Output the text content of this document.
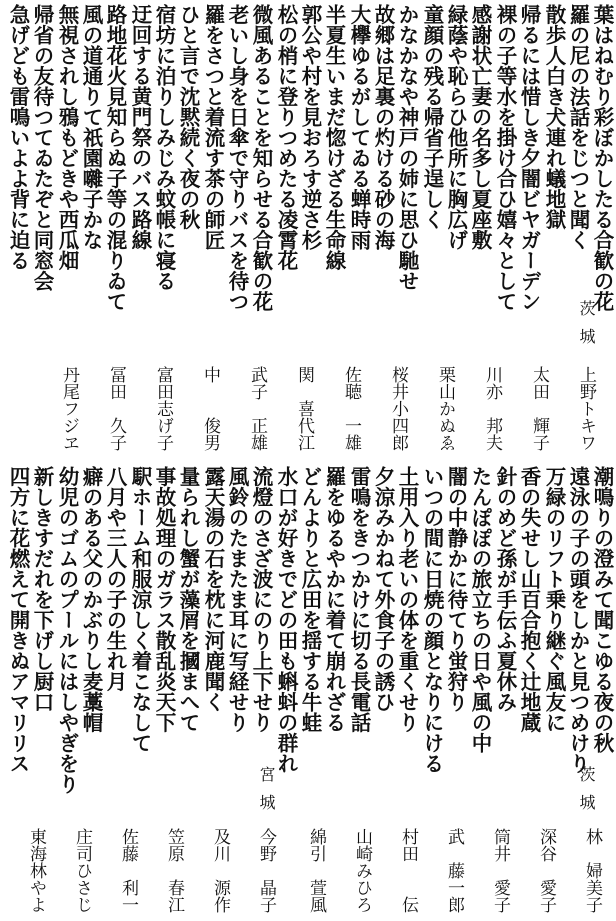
葉はねむり彩ぼかしたる合歓の花
羅の尼の法話をじつと聞く
散歩人白き犬連れ蟻地獄
帰るには惜しき夕闇ビヤガーデン
裸の子等水を掛け合ひ嬉々として
感謝状亡妻の名多し夏座敷
緑蔭や恥らひ他所に胸広げ
童顔の残る帰省子逞しく
かなかなや神戸の姉に思ひ馳せ
故郷は足裏の灼ける砂の海
大欅ゆるがしてゐる蝉時雨
半夏生いまだ惚けざる生命線
郭公や村を見おろす逆さ杉
松の梢に登りつめたる凌霄花
微風あることを知らせる合歓の花
老いし身を日傘で守りバスを待つ
羅をさつと着流す茶の師匠
ひと言で沈黙続く夜の秋
宿坊に泊りしみじみ蚊帳に寝る
迂回する黄門祭のバス路線
路地花火見知らぬ子等の混りゐて
風の道通りて祇園囃子かな
無視されし鴉もどきや西瓜畑
帰省の友待つてゐたぞと同窓会
急げども雷鳴いよよ背に迫る
茨城
上野トキワ
太田　輝子
川亦　邦夫
栗山かぬゑ
桜井小四郎
佐聴　一雄
関　喜代江
武子　正雄
中　　俊男
富田志げ子
冨田　久子
丹尾フジヱ
潮鳴りの澄みて聞こゆる夜の秋
遠泳の子の頭をしかと見つめけり
万緑のリフト乗り継ぐ風友に
香の失せし山百合抱く辻地蔵
針のめど孫が手伝ふ夏休み
たんぽぽの旅立ちの日や風の中
闇の中静かに待てり蛍狩り
いつの間に日焼の顔となりにける
土用入り老いの体を重くせり
夕涼みかねて外食子の誘ひ
雷鳴をきつかけに切る長電話
羅をゆるやかに着て崩れざる
どんよりと広田を揺する牛蛙
水口が好きでどの田も蝌蚪の群れ
流燈のさざ波にのり上下せり
風鈴のたまたま耳に写経せり
露天湯の石を枕に河鹿聞く
量られし蟹が藻屑を摑まへて
事故処理のガラス散乱炎天下
駅ホーム和服涼しく着こなして
八月や三人の子の生れ月
癖のある父のかぶりし麦藁帽
幼児のゴムのプールにはしやぎをり
新しきすだれを下げし厨口
四方に花燃えて開きぬアマリリス
茨城
宮城
林　婦美子
深谷　愛子
筒井　愛子
武　藤一郎
村田　　伝
山崎みひろ
綿引　萱風
今野　晶子
及川　源作
笠原　春江
佐藤　利一
庄司ひさじ
東海林やよ
